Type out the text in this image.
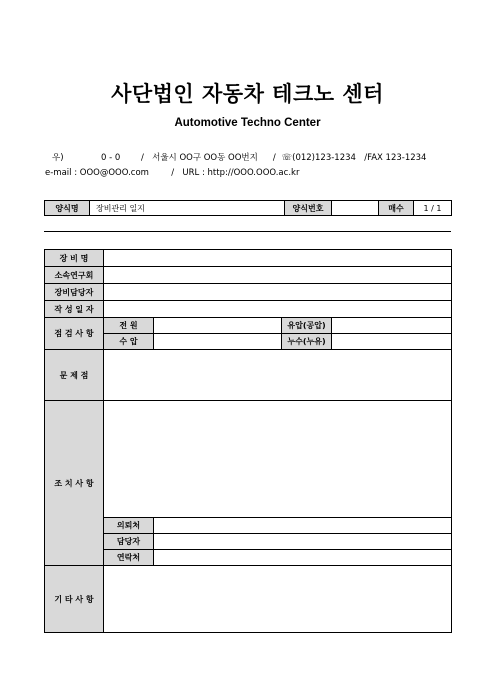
사단법인 자동차 테크노 센터
Automotive Techno Center
우)	0 - 0 / 서울시 OO구 OO동 OO번지 / ☏(012)123-1234 /FAX 123-1234
e-mail : OOO@OOO.com	/ URL : http://OOO.OOO.ac.kr
양식명	장비관리 일지	양식번호		매수	1 / 1
장 비 명				
소속연구회				
장비담당자				
작 성 일 자				
점 검 사 항	전 원		유압(공압)	
	수 압		누수(누유)	
문 제 점				
조 치 사 항				
	의뢰처			
	담당자			
	연락처			
기 타 사 항				
